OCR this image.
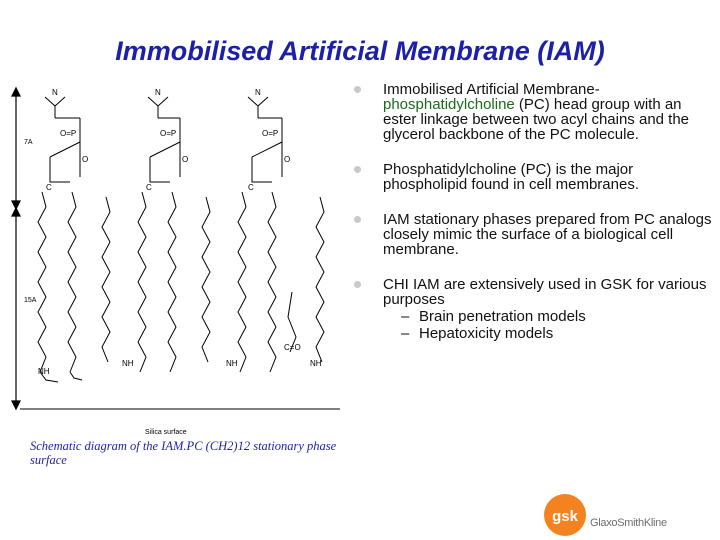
Immobilised Artificial Membrane (IAM)
7A
15A
N	N	N
O=P	O=P	O=P
O	O	O
C	C	C
NH
NH	NH	NH
C=O
Silica surface
Schematic diagram of the IAM.PC (CH2)12 stationary phase surface
Immobilised Artificial Membrane-phosphatidylcholine (PC) head group with an ester linkage between two acyl chains and the glycerol backbone of the PC molecule.
Phosphatidylcholine (PC) is the major phospholipid found in cell membranes.
IAM stationary phases prepared from PC analogs closely mimic the surface of a biological cell membrane.
CHI IAM are extensively used in GSK for various purposes
– Brain penetration models
– Hepatoxicity models
gsk GlaxoSmithKline
